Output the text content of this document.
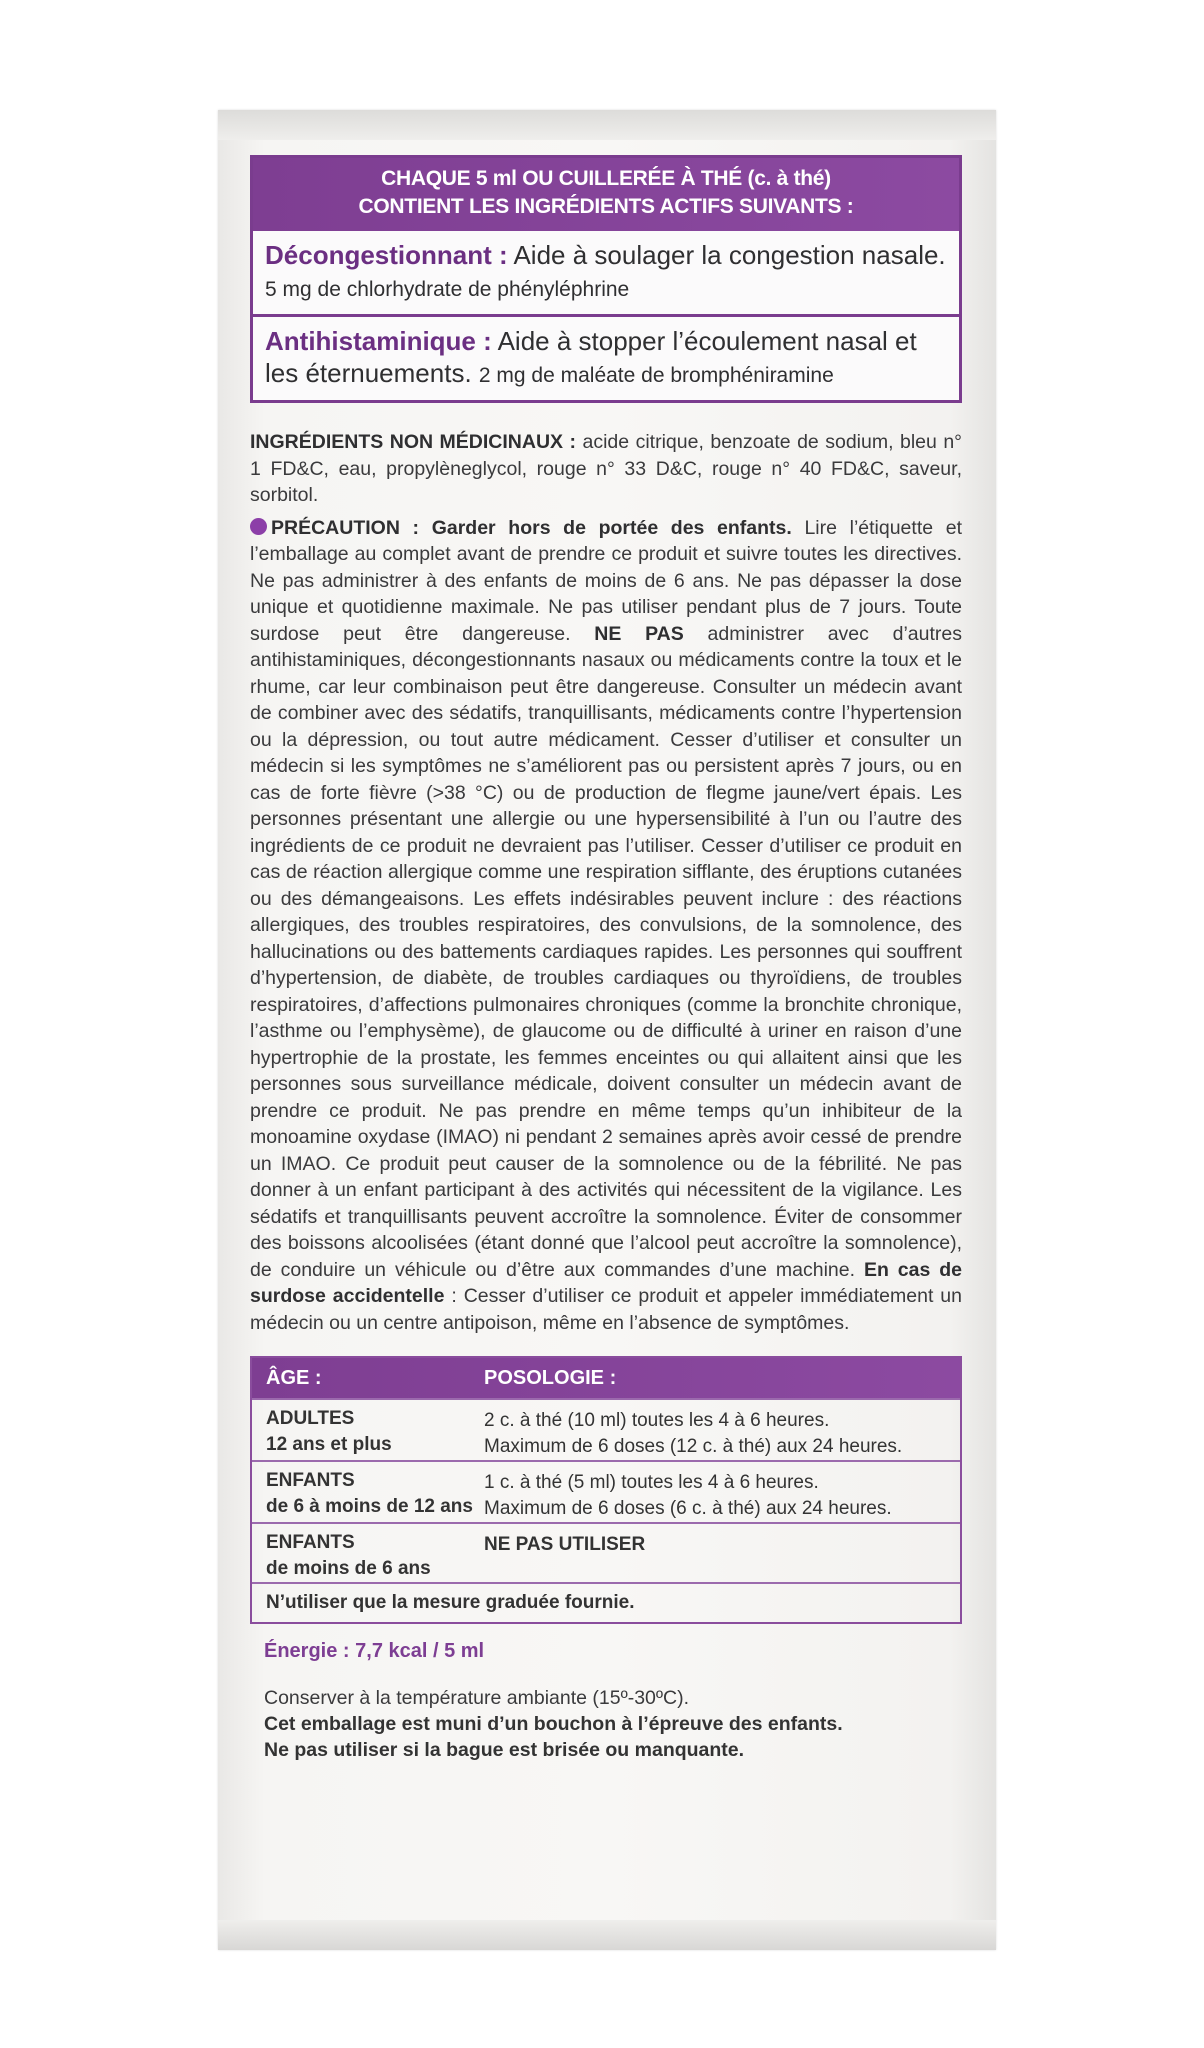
CHAQUE 5 ml OU CUILLERÉE À THÉ (c. à thé)
CONTIENT LES INGRÉDIENTS ACTIFS SUIVANTS :
Décongestionnant : Aide à soulager la congestion nasale. 5 mg de chlorhydrate de phényléphrine
Antihistaminique : Aide à stopper l’écoulement nasal et les éternuements. 2 mg de maléate de bromphéniramine
INGRÉDIENTS NON MÉDICINAUX : acide citrique, benzoate de sodium, bleu n° 1 FD&C, eau, propylèneglycol, rouge n° 33 D&C, rouge n° 40 FD&C, saveur, sorbitol.
PRÉCAUTION : Garder hors de portée des enfants. Lire l’étiquette et l’emballage au complet avant de prendre ce produit et suivre toutes les directives. Ne pas administrer à des enfants de moins de 6 ans. Ne pas dépasser la dose unique et quotidienne maximale. Ne pas utiliser pendant plus de 7 jours. Toute surdose peut être dangereuse. NE PAS administrer avec d’autres antihistaminiques, décongestionnants nasaux ou médicaments contre la toux et le rhume, car leur combinaison peut être dangereuse. Consulter un médecin avant de combiner avec des sédatifs, tranquillisants, médicaments contre l’hypertension ou la dépression, ou tout autre médicament. Cesser d’utiliser et consulter un médecin si les symptômes ne s’améliorent pas ou persistent après 7 jours, ou en cas de forte fièvre (>38 °C) ou de production de flegme jaune/vert épais. Les personnes présentant une allergie ou une hypersensibilité à l’un ou l’autre des ingrédients de ce produit ne devraient pas l’utiliser. Cesser d’utiliser ce produit en cas de réaction allergique comme une respiration sifflante, des éruptions cutanées ou des démangeaisons. Les effets indésirables peuvent inclure : des réactions allergiques, des troubles respiratoires, des convulsions, de la somnolence, des hallucinations ou des battements cardiaques rapides. Les personnes qui souffrent d’hypertension, de diabète, de troubles cardiaques ou thyroïdiens, de troubles respiratoires, d’affections pulmonaires chroniques (comme la bronchite chronique, l’asthme ou l’emphysème), de glaucome ou de difficulté à uriner en raison d’une hypertrophie de la prostate, les femmes enceintes ou qui allaitent ainsi que les personnes sous surveillance médicale, doivent consulter un médecin avant de prendre ce produit. Ne pas prendre en même temps qu’un inhibiteur de la monoamine oxydase (IMAO) ni pendant 2 semaines après avoir cessé de prendre un IMAO. Ce produit peut causer de la somnolence ou de la fébrilité. Ne pas donner à un enfant participant à des activités qui nécessitent de la vigilance. Les sédatifs et tranquillisants peuvent accroître la somnolence. Éviter de consommer des boissons alcoolisées (étant donné que l’alcool peut accroître la somnolence), de conduire un véhicule ou d’être aux commandes d’une machine. En cas de surdose accidentelle : Cesser d’utiliser ce produit et appeler immédiatement un médecin ou un centre antipoison, même en l’absence de symptômes.
ÂGE :	POSOLOGIE :
ADULTES
12 ans et plus
2 c. à thé (10 ml) toutes les 4 à 6 heures.
Maximum de 6 doses (12 c. à thé) aux 24 heures.
ENFANTS
de 6 à moins de 12 ans
1 c. à thé (5 ml) toutes les 4 à 6 heures.
Maximum de 6 doses (6 c. à thé) aux 24 heures.
ENFANTS
de moins de 6 ans
NE PAS UTILISER
N’utiliser que la mesure graduée fournie.
Énergie : 7,7 kcal / 5 ml
Conserver à la température ambiante (15º-30ºC).
Cet emballage est muni d’un bouchon à l’épreuve des enfants.
Ne pas utiliser si la bague est brisée ou manquante.
